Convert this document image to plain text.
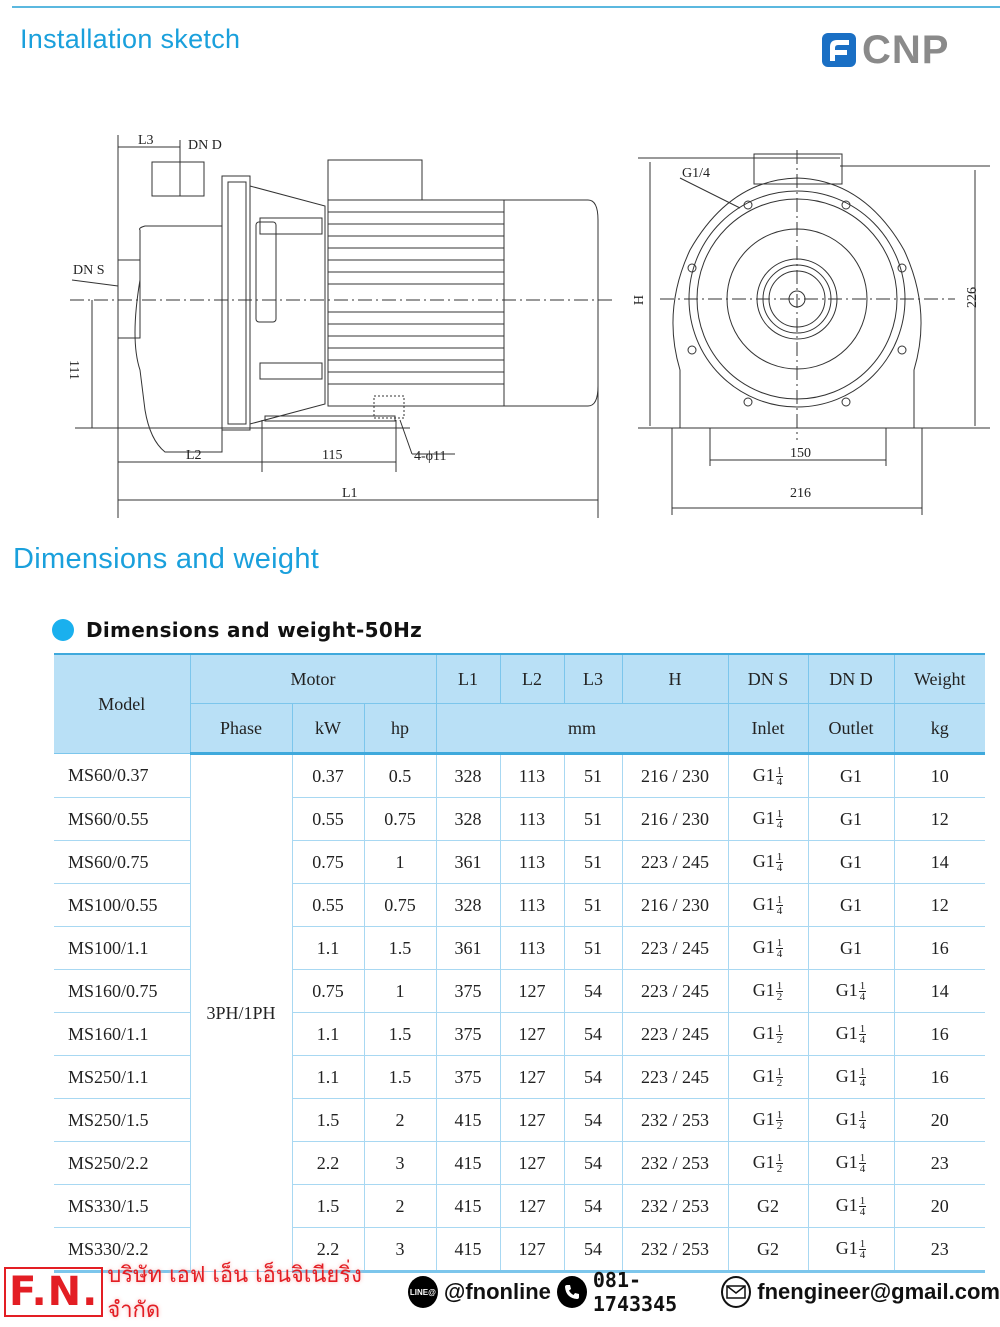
Installation sketch	CNP
L3 DN D
DN S
111
L2	115	4-ϕ11
L1
G1/4
H	226
150
216
Dimensions and weight
Dimensions and weight-50Hz
Model	Motor			L1	L2	L3	H	DN S	DN D	Weight
	Phase	kW	hp	mm				Inlet	Outlet	kg
MS60/0.37	3PH/1PH	0.37	0.5	328	113	51	216 / 230	$G1 \frac{1}{4}$	G1	10
MS60/0.55		0.55	0.75	328	113	51	216 / 230	$G1 \frac{1}{4}$	G1	12
MS60/0.75		0.75	1	361	113	51	223 / 245	$G1 \frac{1}{4}$	G1	14
MS100/0.55		0.55	0.75	328	113	51	216 / 230	$G1 \frac{1}{4}$	G1	12
MS100/1.1		1.1	1.5	361	113	51	223 / 245	$G1 \frac{1}{4}$	G1	16
MS160/0.75		0.75	1	375	127	54	223 / 245	$G1 \frac{1}{2}$	$G1 \frac{1}{4}$	14
MS160/1.1		1.1	1.5	375	127	54	223 / 245	$G1 \frac{1}{2}$	$G1 \frac{1}{4}$	16
MS250/1.1		1.1	1.5	375	127	54	223 / 245	$G1 \frac{1}{2}$	$G1 \frac{1}{4}$	16
MS250/1.5		1.5	2	415	127	54	232 / 253	$G1 \frac{1}{2}$	$G1 \frac{1}{4}$	20
MS250/2.2		2.2	3	415	127	54	232 / 253	$G1 \frac{1}{2}$	$G1 \frac{1}{4}$	23
MS330/1.5		1.5	2	415	127	54	232 / 253	G2	$G1 \frac{1}{4}$	20
MS330/2.2		2.2	3	415	127	54	232 / 253	G2	$G1 \frac{1}{4}$	23
F.N. บริษัท เอฟ เอ็น เอ็นจิเนียริ่ง จำกัด
LINE@ @fnonline 081-1743345	fnengineer@gmail.com
